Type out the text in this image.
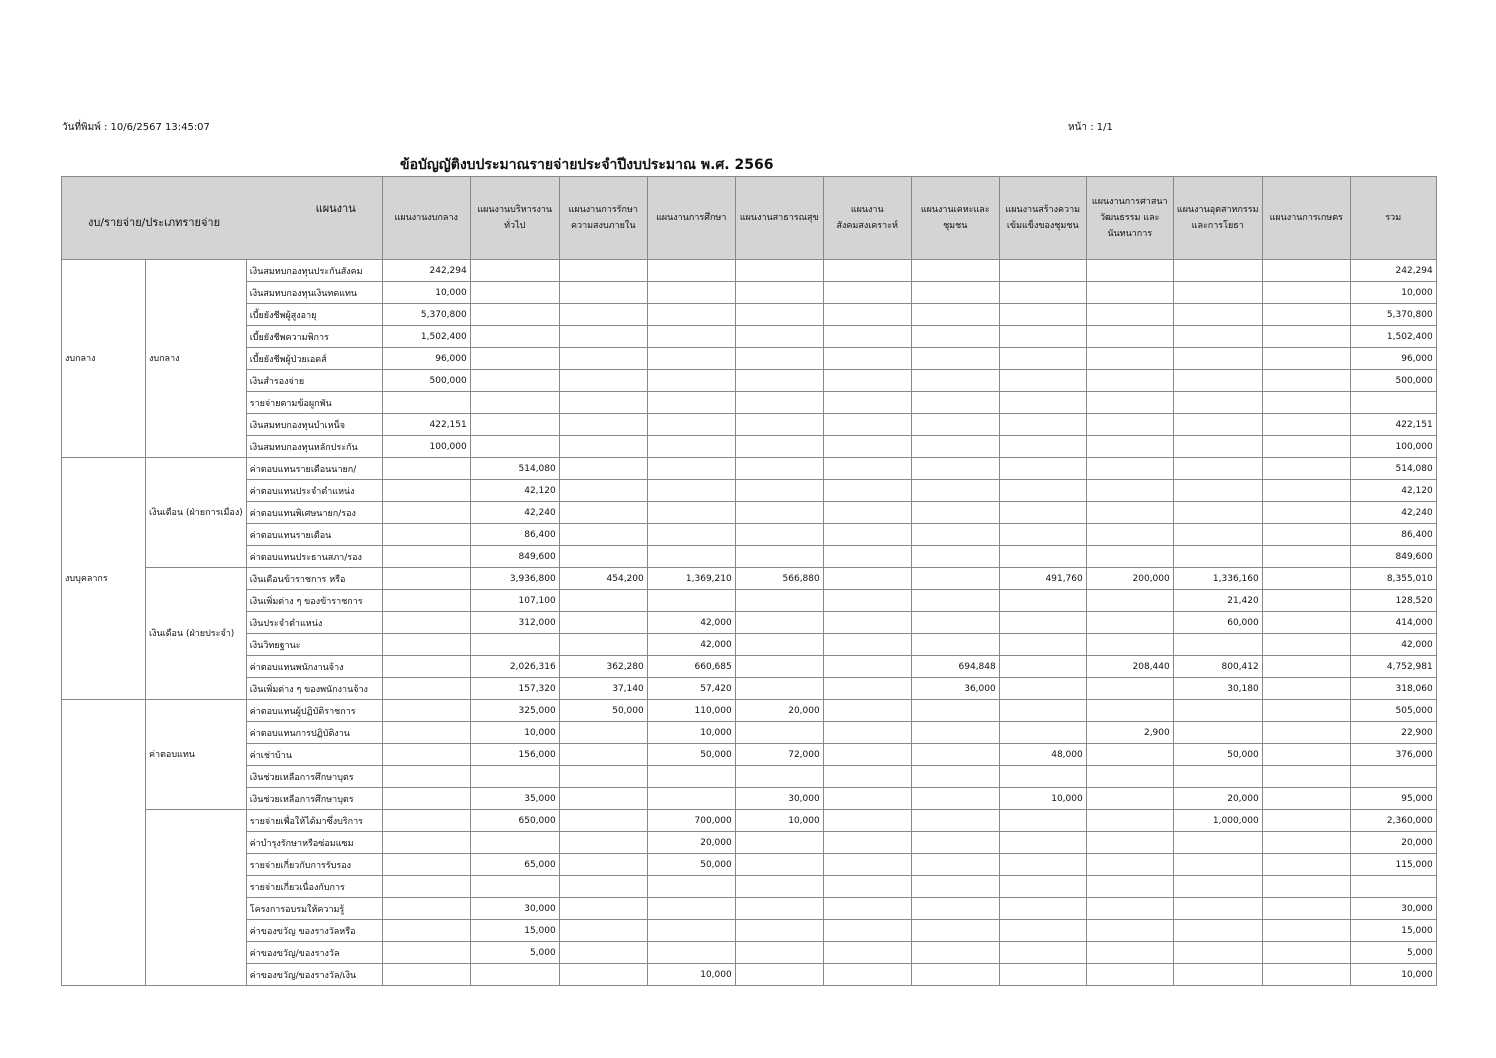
วันที่พิมพ์ : 10/6/2567 13:45:07	หน้า : 1/1
ข้อบัญญัติงบประมาณรายจ่ายประจำปีงบประมาณ พ.ศ. 2566
แผนงาน
งบ/รายจ่าย/ประเภทรายจ่าย			แผนงานงบกลาง	แผนงานบริหารงานทั่วไป	แผนงานการรักษาความสงบภายใน	แผนงานการศึกษา	แผนงานสาธารณสุข	แผนงานสังคมสงเคราะห์	แผนงานเคหะและชุมชน	แผนงานสร้างความเข้มแข็งของชุมชน	แผนงานการศาสนาวัฒนธรรม และนันทนาการ	แผนงานอุตสาหกรรมและการโยธา	แผนงานการเกษตร	รวม
งบกลาง	งบกลาง	เงินสมทบกองทุนประกันสังคม	242,294											242,294
		เงินสมทบกองทุนเงินทดแทน	10,000											10,000
		เบี้ยยังชีพผู้สูงอายุ	5,370,800											5,370,800
		เบี้ยยังชีพความพิการ	1,502,400											1,502,400
		เบี้ยยังชีพผู้ป่วยเอดส์	96,000											96,000
		เงินสำรองจ่าย	500,000											500,000
		รายจ่ายตามข้อผูกพัน												
		เงินสมทบกองทุนบำเหน็จ	422,151											422,151
		เงินสมทบกองทุนหลักประกัน	100,000											100,000
งบบุคลากร	เงินเดือน (ฝ่ายการเมือง)	ค่าตอบแทนรายเดือนนายก/		514,080										514,080
		ค่าตอบแทนประจำตำแหน่ง		42,120										42,120
		ค่าตอบแทนพิเศษนายก/รอง		42,240										42,240
		ค่าตอบแทนรายเดือน		86,400										86,400
		ค่าตอบแทนประธานสภา/รอง		849,600										849,600
	เงินเดือน (ฝ่ายประจำ)	เงินเดือนข้าราชการ หรือ		3,936,800	454,200	1,369,210	566,880			491,760	200,000	1,336,160		8,355,010
		เงินเพิ่มต่าง ๆ ของข้าราชการ		107,100								21,420		128,520
		เงินประจำตำแหน่ง		312,000		42,000						60,000		414,000
		เงินวิทยฐานะ				42,000								42,000
		ค่าตอบแทนพนักงานจ้าง		2,026,316	362,280	660,685			694,848		208,440	800,412		4,752,981
		เงินเพิ่มต่าง ๆ ของพนักงานจ้าง		157,320	37,140	57,420			36,000			30,180		318,060
	ค่าตอบแทน	ค่าตอบแทนผู้ปฏิบัติราชการ		325,000	50,000	110,000	20,000							505,000
		ค่าตอบแทนการปฏิบัติงาน		10,000		10,000					2,900			22,900
		ค่าเช่าบ้าน		156,000		50,000	72,000			48,000		50,000		376,000
		เงินช่วยเหลือการศึกษาบุตร												
		เงินช่วยเหลือการศึกษาบุตร		35,000			30,000			10,000		20,000		95,000
		รายจ่ายเพื่อให้ได้มาซึ่งบริการ		650,000		700,000	10,000					1,000,000		2,360,000
		ค่าบำรุงรักษาหรือซ่อมแซม				20,000								20,000
		รายจ่ายเกี่ยวกับการรับรอง		65,000		50,000								115,000
		รายจ่ายเกี่ยวเนื่องกับการ												
		โครงการอบรมให้ความรู้		30,000										30,000
		ค่าของขวัญ ของรางวัลหรือ		15,000										15,000
		ค่าของขวัญ/ของรางวัล		5,000										5,000
		ค่าของขวัญ/ของรางวัล/เงิน				10,000								10,000
